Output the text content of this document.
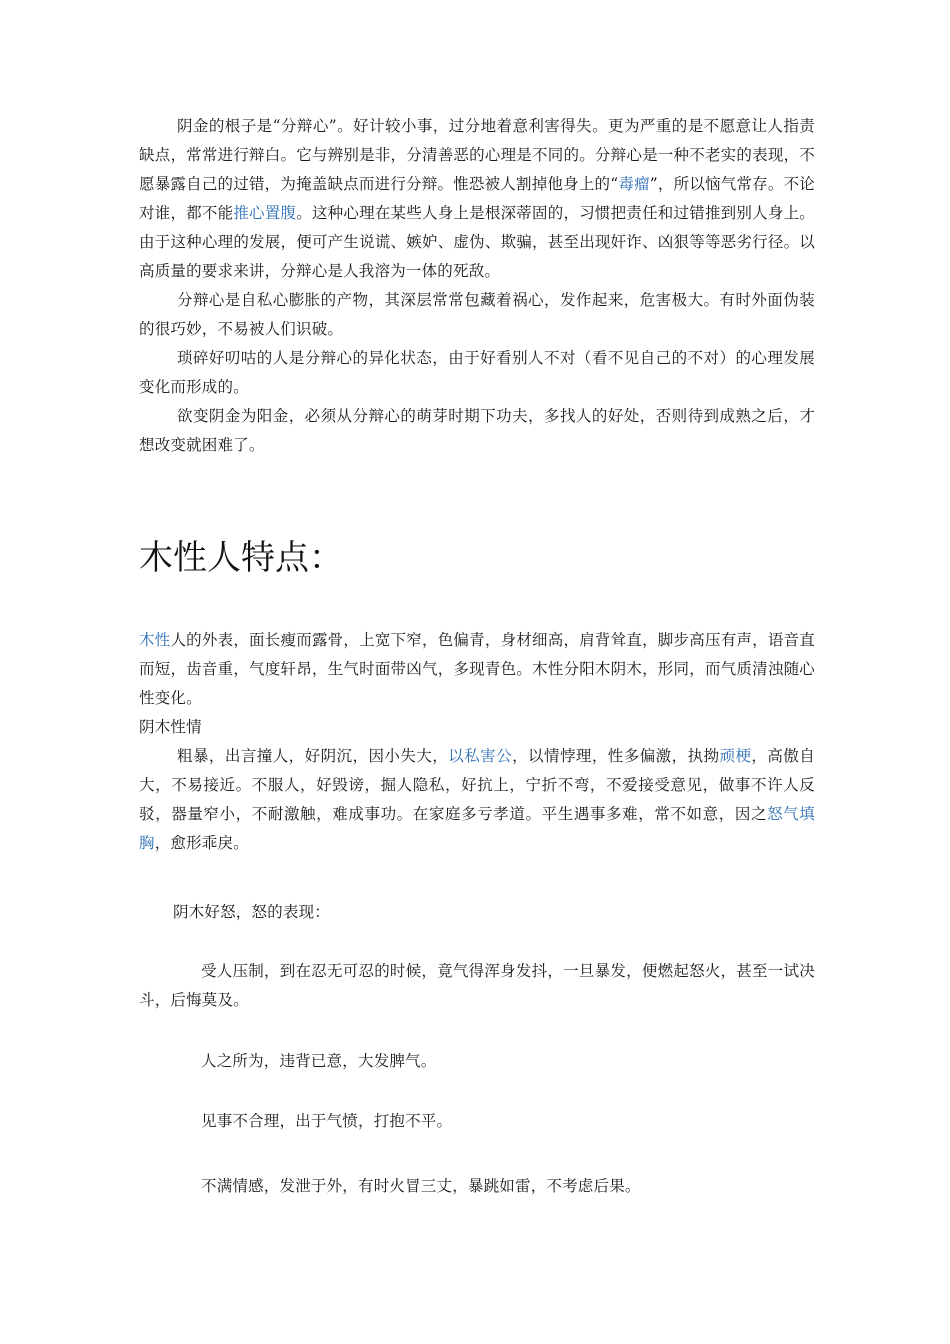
阴金的根子是“分辩心”。好计较小事，过分地着意利害得失。更为严重的是不愿意让人指责缺点，常常进行辩白。它与辨别是非，分清善恶的心理是不同的。分辩心是一种不老实的表现，不愿暴露自己的过错，为掩盖缺点而进行分辩。惟恐被人割掉他身上的“毒瘤”，所以恼气常存。不论对谁，都不能推心置腹。这种心理在某些人身上是根深蒂固的，习惯把责任和过错推到别人身上。由于这种心理的发展，便可产生说谎、嫉妒、虚伪、欺骗，甚至出现奸诈、凶狠等等恶劣行径。以高质量的要求来讲，分辩心是人我溶为一体的死敌。

分辩心是自私心膨胀的产物，其深层常常包藏着祸心，发作起来，危害极大。有时外面伪装的很巧妙，不易被人们识破。

琐碎好叨咕的人是分辩心的异化状态，由于好看别人不对（看不见自己的不对）的心理发展变化而形成的。

欲变阴金为阳金，必须从分辩心的萌芽时期下功夫，多找人的好处，否则待到成熟之后，才想改变就困难了。

木性人特点：

木性人的外表，面长瘦而露骨，上宽下窄，色偏青，身材细高，肩背耸直，脚步高压有声，语音直而短，齿音重，气度轩昂，生气时面带凶气，多现青色。木性分阳木阴木，形同，而气质清浊随心性变化。

阴木性情

粗暴，出言撞人，好阴沉，因小失大，以私害公，以情悖理，性多偏激，执拗顽梗，高傲自大，不易接近。不服人，好毁谤，掘人隐私，好抗上，宁折不弯，不爱接受意见，做事不许人反驳，器量窄小，不耐激触，难成事功。在家庭多亏孝道。平生遇事多难，常不如意，因之怒气填胸，愈形乖戾。

阴木好怒，怒的表现：

受人压制，到在忍无可忍的时候，竟气得浑身发抖，一旦暴发，便燃起怒火，甚至一试决斗，后悔莫及。

人之所为，违背已意，大发脾气。

见事不合理，出于气愤，打抱不平。

不满情感，发泄于外，有时火冒三丈，暴跳如雷，不考虑后果。
